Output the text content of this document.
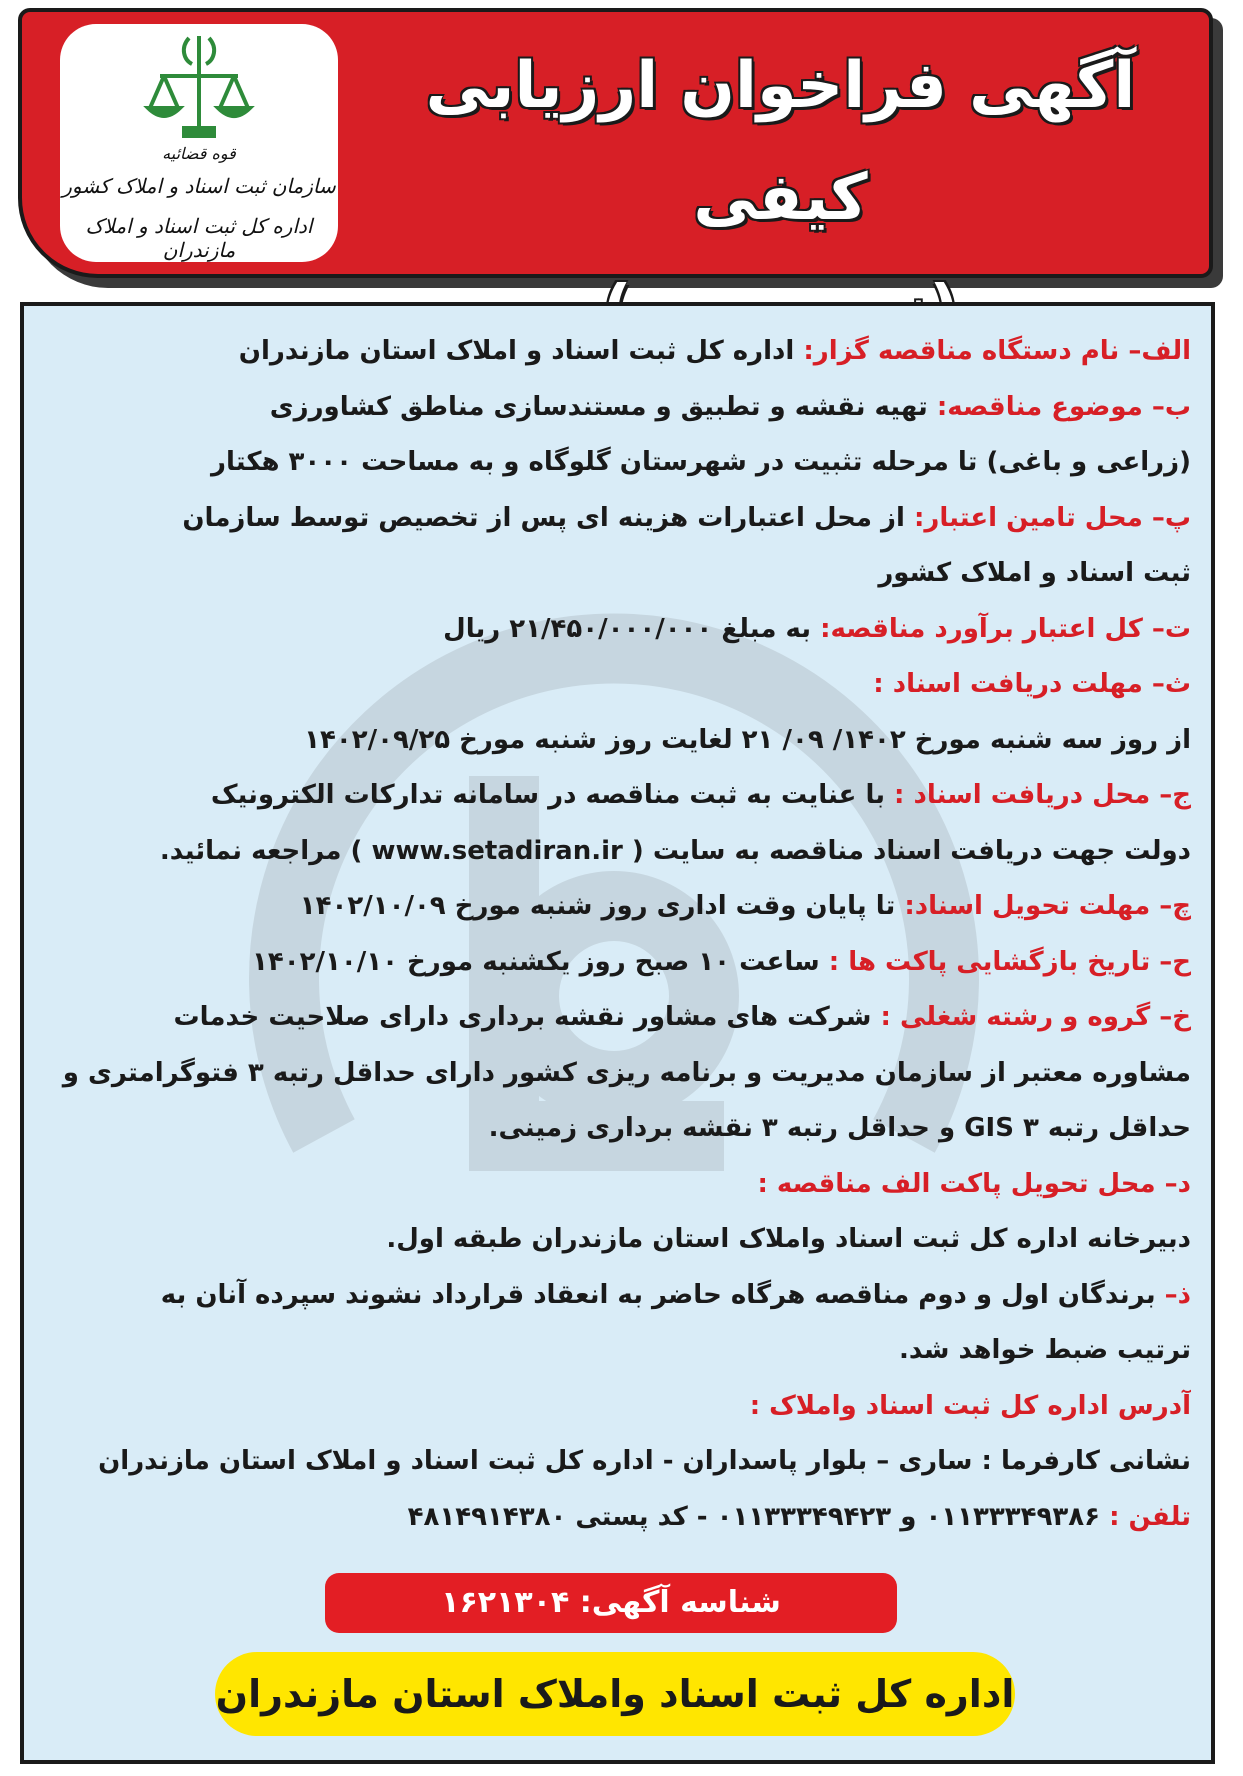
قوه قضائیه
سازمان ثبت اسناد و املاک کشور
اداره کل ثبت اسناد و املاک مازندران
آگهی فراخوان ارزیابی کیفی
الف– نام دستگاه مناقصه گزار: اداره کل ثبت اسناد و املاک استان مازندران
ب– موضوع مناقصه: تهیه نقشه و تطبیق و مستندسازی مناطق کشاورزی
(زراعی و باغی) تا مرحله تثبیت در شهرستان گلوگاه و به مساحت ۳۰۰۰ هکتار
پ– محل تامین اعتبار: از محل اعتبارات هزینه ای پس از تخصیص توسط سازمان
ثبت اسناد و املاک کشور
ت– کل اعتبار برآورد مناقصه: به مبلغ ۲۱/۴۵۰/۰۰۰/۰۰۰ ریال
ث– مهلت دریافت اسناد :
از روز سه شنبه مورخ ۱۴۰۲/ ۰۹/ ۲۱ لغایت روز شنبه مورخ ۱۴۰۲/۰۹/۲۵
ج– محل دریافت اسناد : با عنایت به ثبت مناقصه در سامانه تدارکات الکترونیک
دولت جهت دریافت اسناد مناقصه به سایت ( www.setadiran.ir ) مراجعه نمائید.
چ– مهلت تحویل اسناد: تا پایان وقت اداری روز شنبه مورخ ۱۴۰۲/۱۰/۰۹
ح– تاریخ بازگشایی پاکت ها : ساعت ۱۰ صبح روز یکشنبه مورخ ۱۴۰۲/۱۰/۱۰
خ– گروه و رشته شغلی : شرکت های مشاور نقشه برداری دارای صلاحیت خدمات
مشاوره معتبر از سازمان مدیریت و برنامه ریزی کشور دارای حداقل رتبه ۳ فتوگرامتری و
حداقل رتبه ۳ GIS و حداقل رتبه ۳ نقشه برداری زمینی.
د– محل تحویل پاکت الف مناقصه :
دبیرخانه اداره کل ثبت اسناد واملاک استان مازندران طبقه اول.
ذ– برندگان اول و دوم مناقصه هرگاه حاضر به انعقاد قرارداد نشوند سپرده آنان به
ترتیب ضبط خواهد شد.
آدرس اداره کل ثبت اسناد واملاک :
نشانی کارفرما : ساری – بلوار پاسداران - اداره کل ثبت اسناد و املاک استان مازندران
تلفن : ۰۱۱۳۳۳۴۹۳۸۶ و ۰۱۱۳۳۳۴۹۴۲۳ - کد پستی ۴۸۱۴۹۱۴۳۸۰
شناسه آگهی: ۱۶۲۱۳۰۴
اداره کل ثبت اسناد واملاک استان مازندران
